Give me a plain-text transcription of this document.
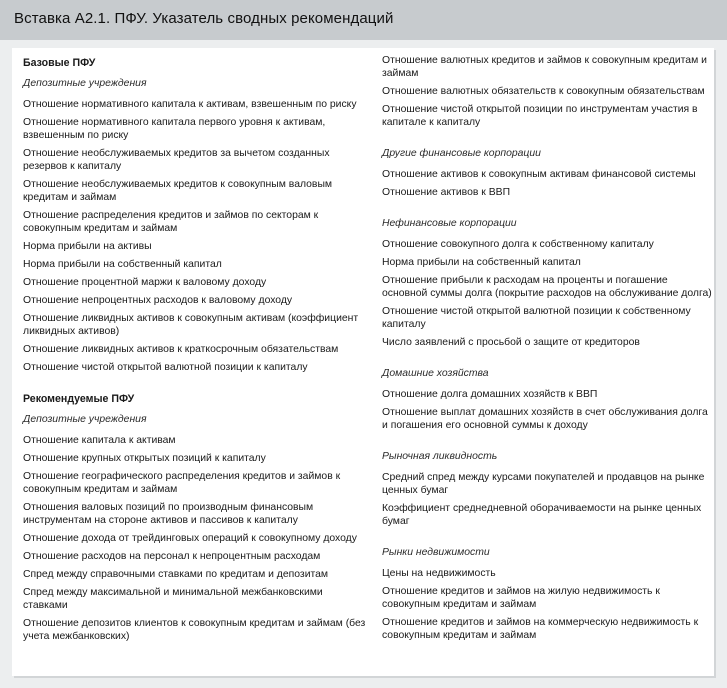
Вставка А2.1. ПФУ. Указатель сводных рекомендаций
Базовые ПФУ
Депозитные учреждения
Отношение нормативного капитала к активам, взвешенным по риску
Отношение нормативного капитала первого уровня к активам, взвешенным по риску
Отношение необслуживаемых кредитов за вычетом созданных резервов к капиталу
Отношение необслуживаемых кредитов к совокупным валовым кредитам и займам
Отношение распределения кредитов и займов по секторам к совокупным кредитам и займам
Норма прибыли на активы
Норма прибыли на собственный капитал
Отношение процентной маржи к валовому доходу
Отношение непроцентных расходов к валовому доходу
Отношение ликвидных активов к совокупным активам (коэффициент ликвидных активов)
Отношение ликвидных активов к краткосрочным обязательствам
Отношение чистой открытой валютной позиции к капиталу
Рекомендуемые ПФУ
Депозитные учреждения
Отношение капитала к активам
Отношение крупных открытых позиций к капиталу
Отношение географического распределения кредитов и займов к совокупным кредитам и займам
Отношения валовых позиций по производным финансовым инструментам на стороне активов и пассивов к капиталу
Отношение дохода от трейдинговых операций к совокупному доходу
Отношение расходов на персонал к непроцентным расходам
Спред между справочными ставками по кредитам и депозитам
Спред между максимальной и минимальной межбанковскими ставками
Отношение депозитов клиентов к совокупным кредитам и займам (без учета межбанковских)
Отношение валютных кредитов и займов к совокупным кредитам и займам
Отношение валютных обязательств к совокупным обязательствам
Отношение чистой открытой позиции по инструментам участия в капитале к капиталу
Другие финансовые корпорации
Отношение активов к совокупным активам финансовой системы
Отношение активов к ВВП
Нефинансовые корпорации
Отношение совокупного долга к собственному капиталу
Норма прибыли на собственный капитал
Отношение прибыли к расходам на проценты и погашение основной суммы долга (покрытие расходов на обслуживание долга)
Отношение чистой открытой валютной позиции к собственному капиталу
Число заявлений с просьбой о защите от кредиторов
Домашние хозяйства
Отношение долга домашних хозяйств к ВВП
Отношение выплат домашних хозяйств в счет обслуживания долга и погашения его основной суммы к доходу
Рыночная ликвидность
Средний спред между курсами покупателей и продавцов на рынке ценных бумаг
Коэффициент среднедневной оборачиваемости на рынке ценных бумаг
Рынки недвижимости
Цены на недвижимость
Отношение кредитов и займов на жилую недвижимость к совокупным кредитам и займам
Отношение кредитов и займов на коммерческую недвижимость к совокупным кредитам и займам
